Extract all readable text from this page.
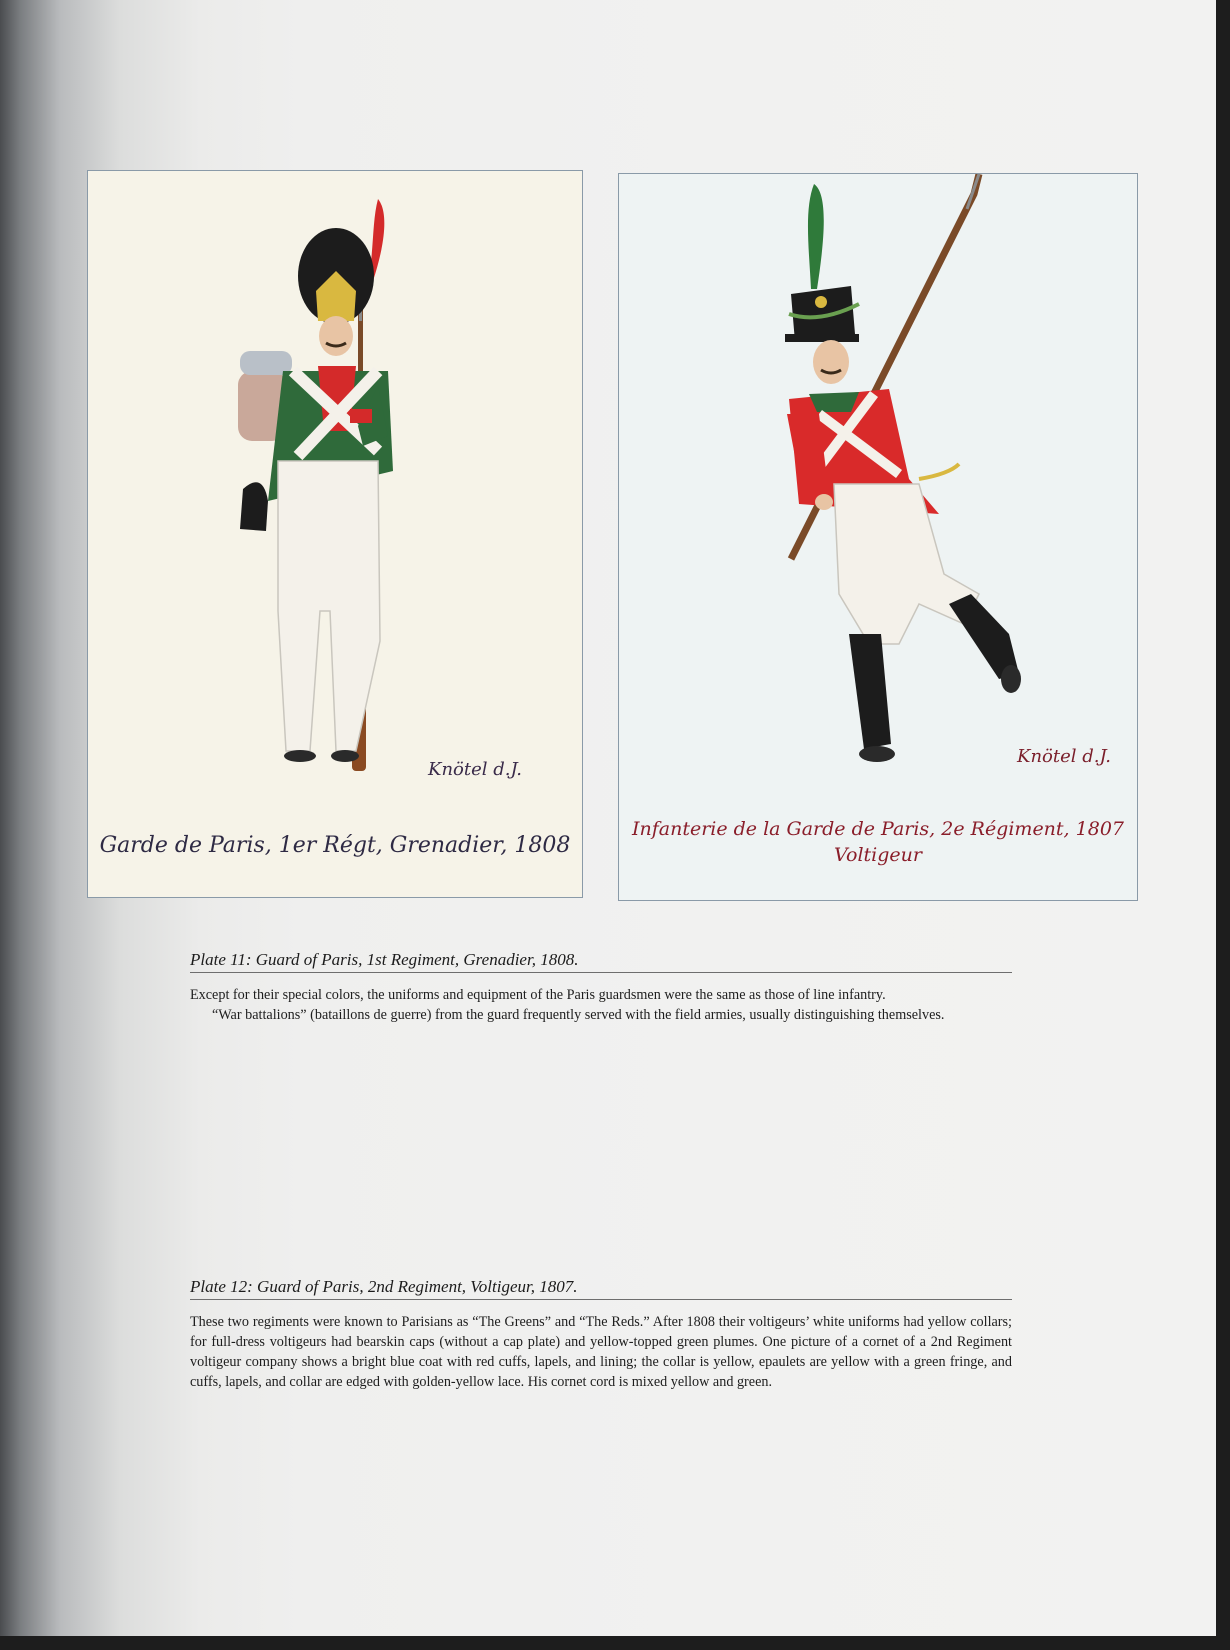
Knötel d.J.
Garde de Paris, 1er Régt, Grenadier, 1808
Knötel d.J.
Infanterie de la Garde de Paris, 2e Régiment, 1807
Voltigeur
Plate 11: Guard of Paris, 1st Regiment, Grenadier, 1808.

Except for their special colors, the uniforms and equipment of the Paris guardsmen were the same as those of line infantry.

“War battalions” (bataillons de guerre) from the guard frequently served with the field armies, usually distinguishing themselves.

Plate 12: Guard of Paris, 2nd Regiment, Voltigeur, 1807.

These two regiments were known to Parisians as “The Greens” and “The Reds.” After 1808 their voltigeurs’ white uniforms had yellow collars; for full-dress voltigeurs had bearskin caps (without a cap plate) and yellow-topped green plumes. One picture of a cornet of a 2nd Regiment voltigeur company shows a bright blue coat with red cuffs, lapels, and lining; the collar is yellow, epaulets are yellow with a green fringe, and cuffs, lapels, and collar are edged with golden-yellow lace. His cornet cord is mixed yellow and green.
